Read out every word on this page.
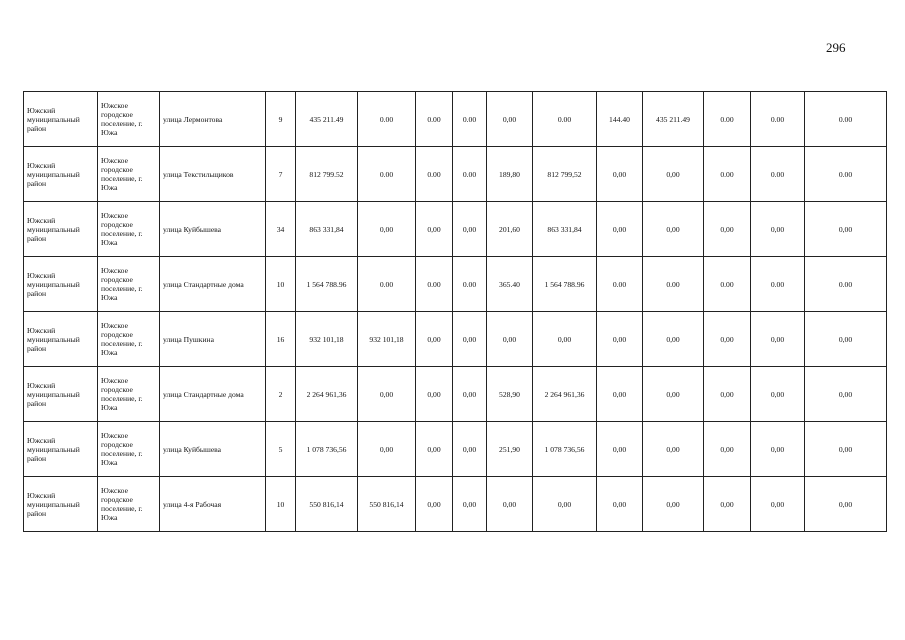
296
Южский муниципальный район	Южское городское поселение, г. Южа	улица Лермонтова	9	435 211.49	0.00	0.00	0.00	0,00	0.00	144.40	435 211.49	0.00	0.00	0.00
Южский муниципальный район	Южское городское поселение, г. Южа	улица Текстильщиков	7	812 799.52	0.00	0.00	0.00	189,80	812 799,52	0,00	0,00	0.00	0.00	0.00
Южский муниципальный район	Южское городское поселение, г. Южа	улица Куйбышева	34	863 331,84	0,00	0,00	0,00	201,60	863 331,84	0,00	0,00	0,00	0,00	0,00
Южский муниципальный район	Южское городское поселение, г. Южа	улица Стандартные дома	10	1 564 788.96	0.00	0.00	0.00	365.40	1 564 788.96	0.00	0.00	0.00	0.00	0.00
Южский муниципальный район	Южское городское поселение, г. Южа	улица Пушкина	16	932 101,18	932 101,18	0,00	0,00	0,00	0,00	0,00	0,00	0,00	0,00	0,00
Южский муниципальный район	Южское городское поселение, г. Южа	улица Стандартные дома	2	2 264 961,36	0,00	0,00	0,00	528,90	2 264 961,36	0,00	0,00	0,00	0,00	0,00
Южский муниципальный район	Южское городское поселение, г. Южа	улица Куйбышева	5	1 078 736,56	0,00	0,00	0,00	251,90	1 078 736,56	0,00	0,00	0,00	0,00	0,00
Южский муниципальный район	Южское городское поселение, г. Южа	улица 4-я Рабочая	10	550 816,14	550 816,14	0,00	0,00	0,00	0,00	0,00	0,00	0,00	0,00	0,00
